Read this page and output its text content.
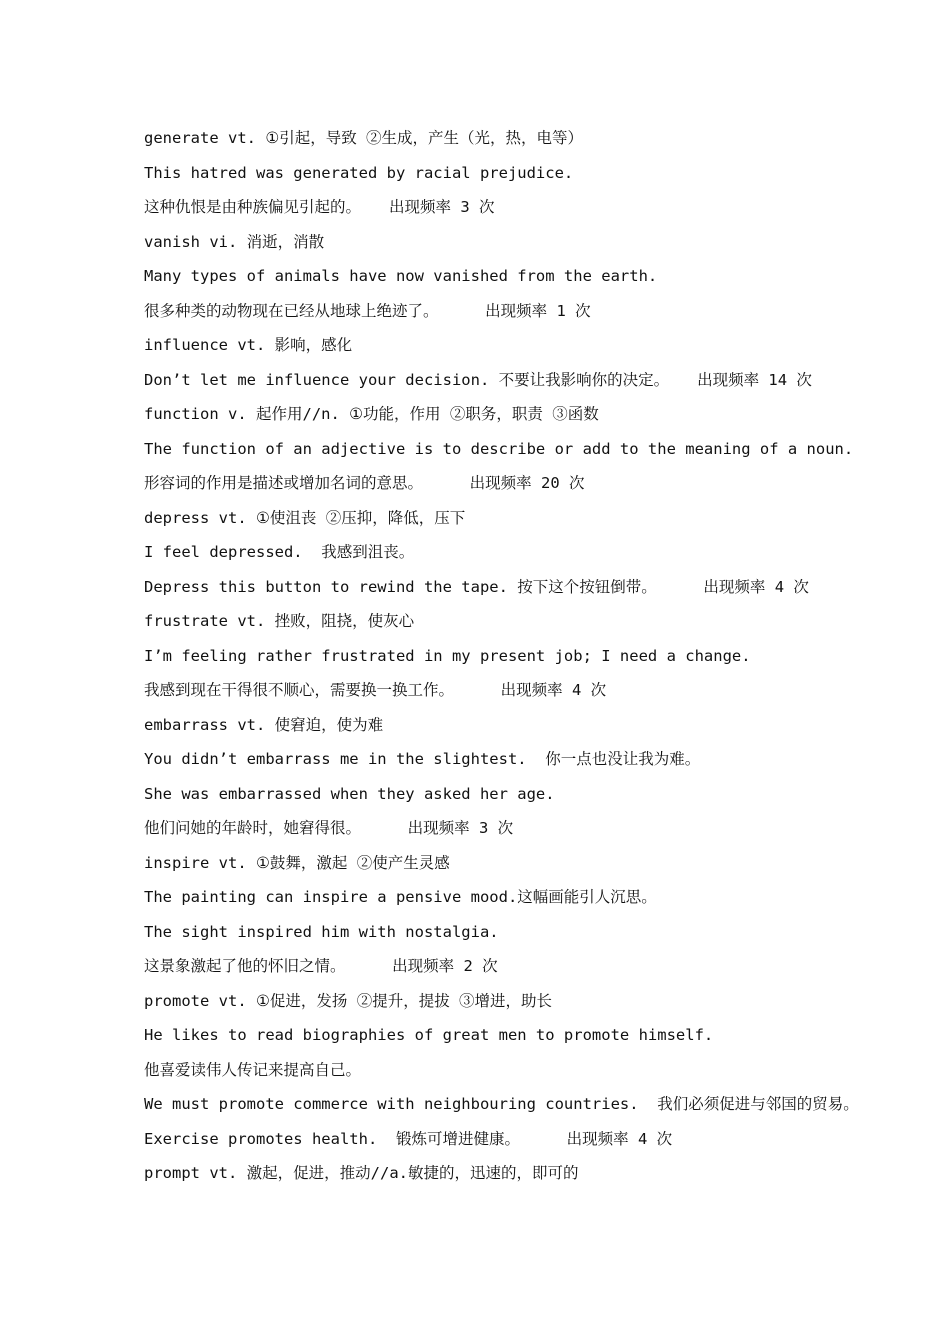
generate vt. ①引起，导致 ②生成，产生（光，热，电等）
This hatred was generated by racial prejudice.
这种仇恨是由种族偏见引起的。   出现频率 3 次
vanish vi. 消逝，消散
Many types of animals have now vanished from the earth.
很多种类的动物现在已经从地球上绝迹了。     出现频率 1 次
influence vt. 影响，感化
Don’t let me influence your decision. 不要让我影响你的决定。   出现频率 14 次
function v. 起作用//n. ①功能，作用 ②职务，职责 ③函数
The function of an adjective is to describe or add to the meaning of a noun.
形容词的作用是描述或增加名词的意思。     出现频率 20 次
depress vt. ①使沮丧 ②压抑，降低，压下
I feel depressed.  我感到沮丧。
Depress this button to rewind the tape. 按下这个按钮倒带。     出现频率 4 次
frustrate vt. 挫败，阻挠，使灰心
I’m feeling rather frustrated in my present job; I need a change.
我感到现在干得很不顺心，需要换一换工作。     出现频率 4 次
embarrass vt. 使窘迫，使为难
You didn’t embarrass me in the slightest.  你一点也没让我为难。
She was embarrassed when they asked her age.
他们问她的年龄时，她窘得很。     出现频率 3 次
inspire vt. ①鼓舞，激起 ②使产生灵感
The painting can inspire a pensive mood.这幅画能引人沉思。
The sight inspired him with nostalgia.
这景象激起了他的怀旧之情。     出现频率 2 次
promote vt. ①促进，发扬 ②提升，提拔 ③增进，助长
He likes to read biographies of great men to promote himself.
他喜爱读伟人传记来提高自己。
We must promote commerce with neighbouring countries.  我们必须促进与邻国的贸易。
Exercise promotes health.  锻炼可增进健康。     出现频率 4 次
prompt vt. 激起，促进，推动//a.敏捷的，迅速的，即可的
